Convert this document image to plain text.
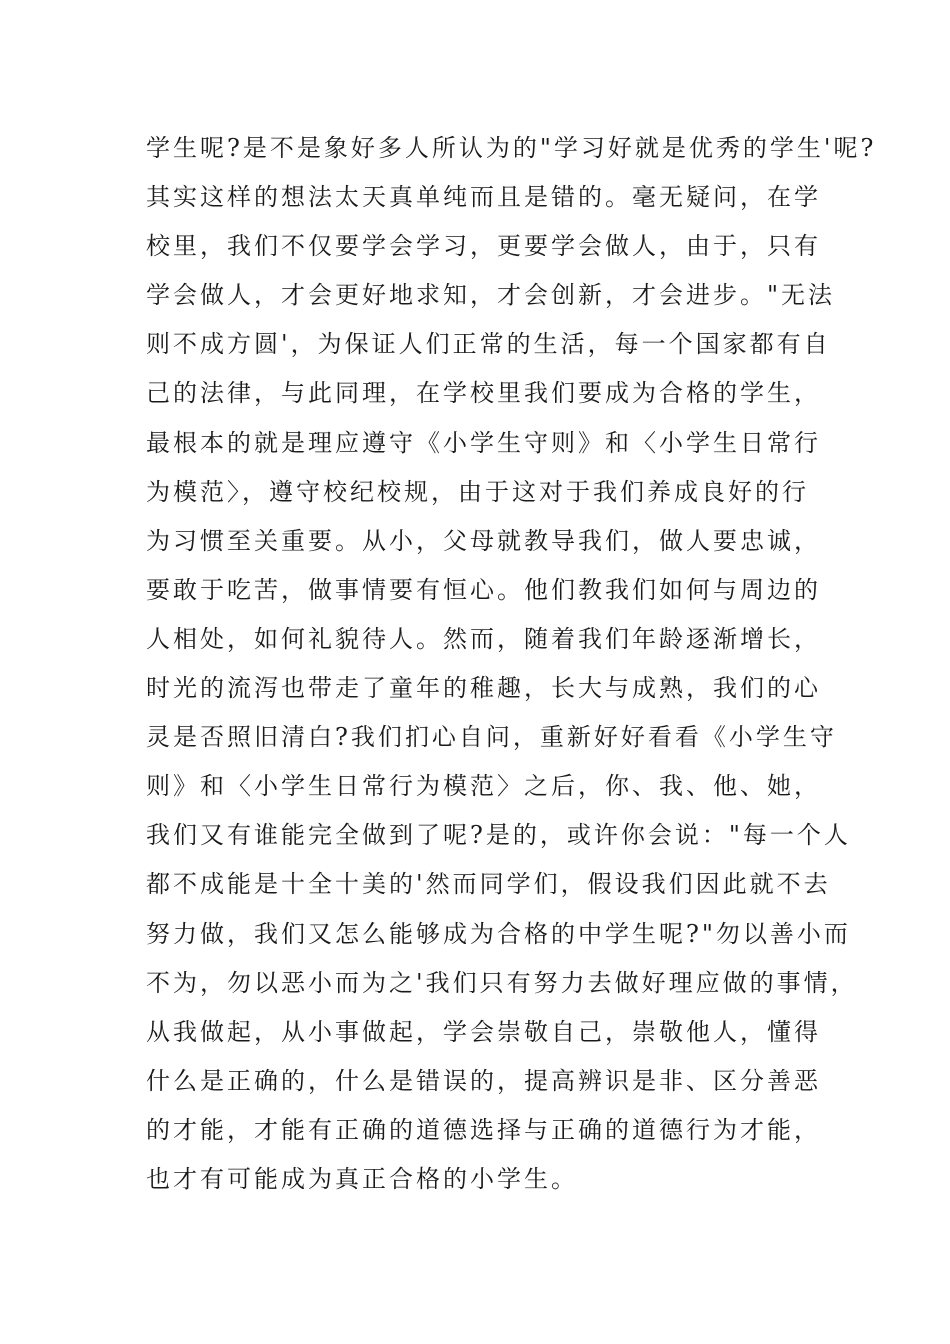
学生呢?是不是象好多人所认为的"学习好就是优秀的学生'呢?
其实这样的想法太天真单纯而且是错的。毫无疑问，在学
校里，我们不仅要学会学习，更要学会做人，由于，只有
学会做人，才会更好地求知，才会创新，才会进步。"无法
则不成方圆'，为保证人们正常的生活，每一个国家都有自
己的法律，与此同理，在学校里我们要成为合格的学生，
最根本的就是理应遵守《小学生守则》和〈小学生日常行
为模范〉，遵守校纪校规，由于这对于我们养成良好的行
为习惯至关重要。从小，父母就教导我们，做人要忠诚，
要敢于吃苦，做事情要有恒心。他们教我们如何与周边的
人相处，如何礼貌待人。然而，随着我们年龄逐渐增长，
时光的流泻也带走了童年的稚趣，长大与成熟，我们的心
灵是否照旧清白?我们扪心自问，重新好好看看《小学生守
则》和〈小学生日常行为模范〉之后，你、我、他、她，
我们又有谁能完全做到了呢?是的，或许你会说："每一个人
都不成能是十全十美的'然而同学们，假设我们因此就不去
努力做，我们又怎么能够成为合格的中学生呢?"勿以善小而
不为，勿以恶小而为之'我们只有努力去做好理应做的事情，
从我做起，从小事做起，学会崇敬自己，崇敬他人，懂得
什么是正确的，什么是错误的，提高辨识是非、区分善恶
的才能，才能有正确的道德选择与正确的道德行为才能，
也才有可能成为真正合格的小学生。
